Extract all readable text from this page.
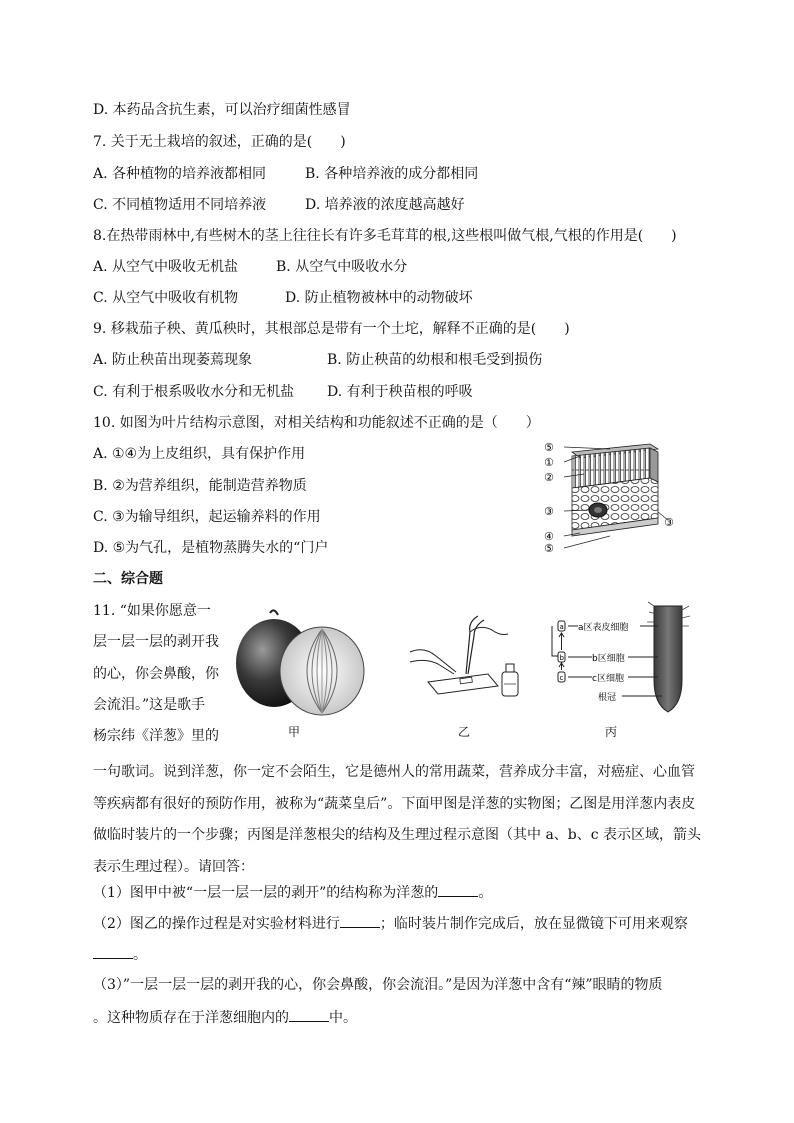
D. 本药品含抗生素，可以治疗细菌性感冒
7. 关于无土栽培的叙述，正确的是(　　)
A. 各种植物的培养液都相同	B. 各种培养液的成分都相同
C. 不同植物适用不同培养液	D. 培养液的浓度越高越好
8.在热带雨林中,有些树木的茎上往往长有许多毛茸茸的根,这些根叫做气根,气根的作用是(　　)
A. 从空气中吸收无机盐	B. 从空气中吸收水分
C. 从空气中吸收有机物	D. 防止植物被林中的动物破坏
9. 移栽茄子秧、黄瓜秧时，其根部总是带有一个土坨，解释不正确的是(　　)
A. 防止秧苗出现萎蔫现象	B. 防止秧苗的幼根和根毛受到损伤
C. 有利于根系吸收水分和无机盐 D. 有利于秧苗根的呼吸
10. 如图为叶片结构示意图，对相关结构和功能叙述不正确的是（　　）
A. ①④为上皮组织，具有保护作用
B. ②为营养组织，能制造营养物质
C. ③为输导组织，起运输养料的作用
D. ⑤为气孔，是植物蒸腾失水的“门户
⑤
①
②
③
④
⑤
③
二、综合题
11. “如果你愿意一
层一层一层的剥开我
的心，你会鼻酸，你
会流泪。”这是歌手
杨宗纬《洋葱》里的	甲	乙
a
b
c
a区表皮细胞
b区细胞
c区细胞
根冠
丙
一句歌词。说到洋葱，你一定不会陌生，它是德州人的常用蔬菜，营养成分丰富，对癌症、心血管等疾病都有很好的预防作用，被称为“蔬菜皇后”。下面甲图是洋葱的实物图；乙图是用洋葱内表皮做临时装片的一个步骤；丙图是洋葱根尖的结构及生理过程示意图（其中 a、b、c 表示区域，箭头表示生理过程）。请回答：
（1）图甲中被“一层一层一层的剥开”的结构称为洋葱的	。
（2）图乙的操作过程是对实验材料进行	；临时装片制作完成后，放在显微镜下可用来观察
。
（3）”一层一层一层的剥开我的心，你会鼻酸，你会流泪。”是因为洋葱中含有“辣”眼睛的物质
。这种物质存在于洋葱细胞内的	中。
